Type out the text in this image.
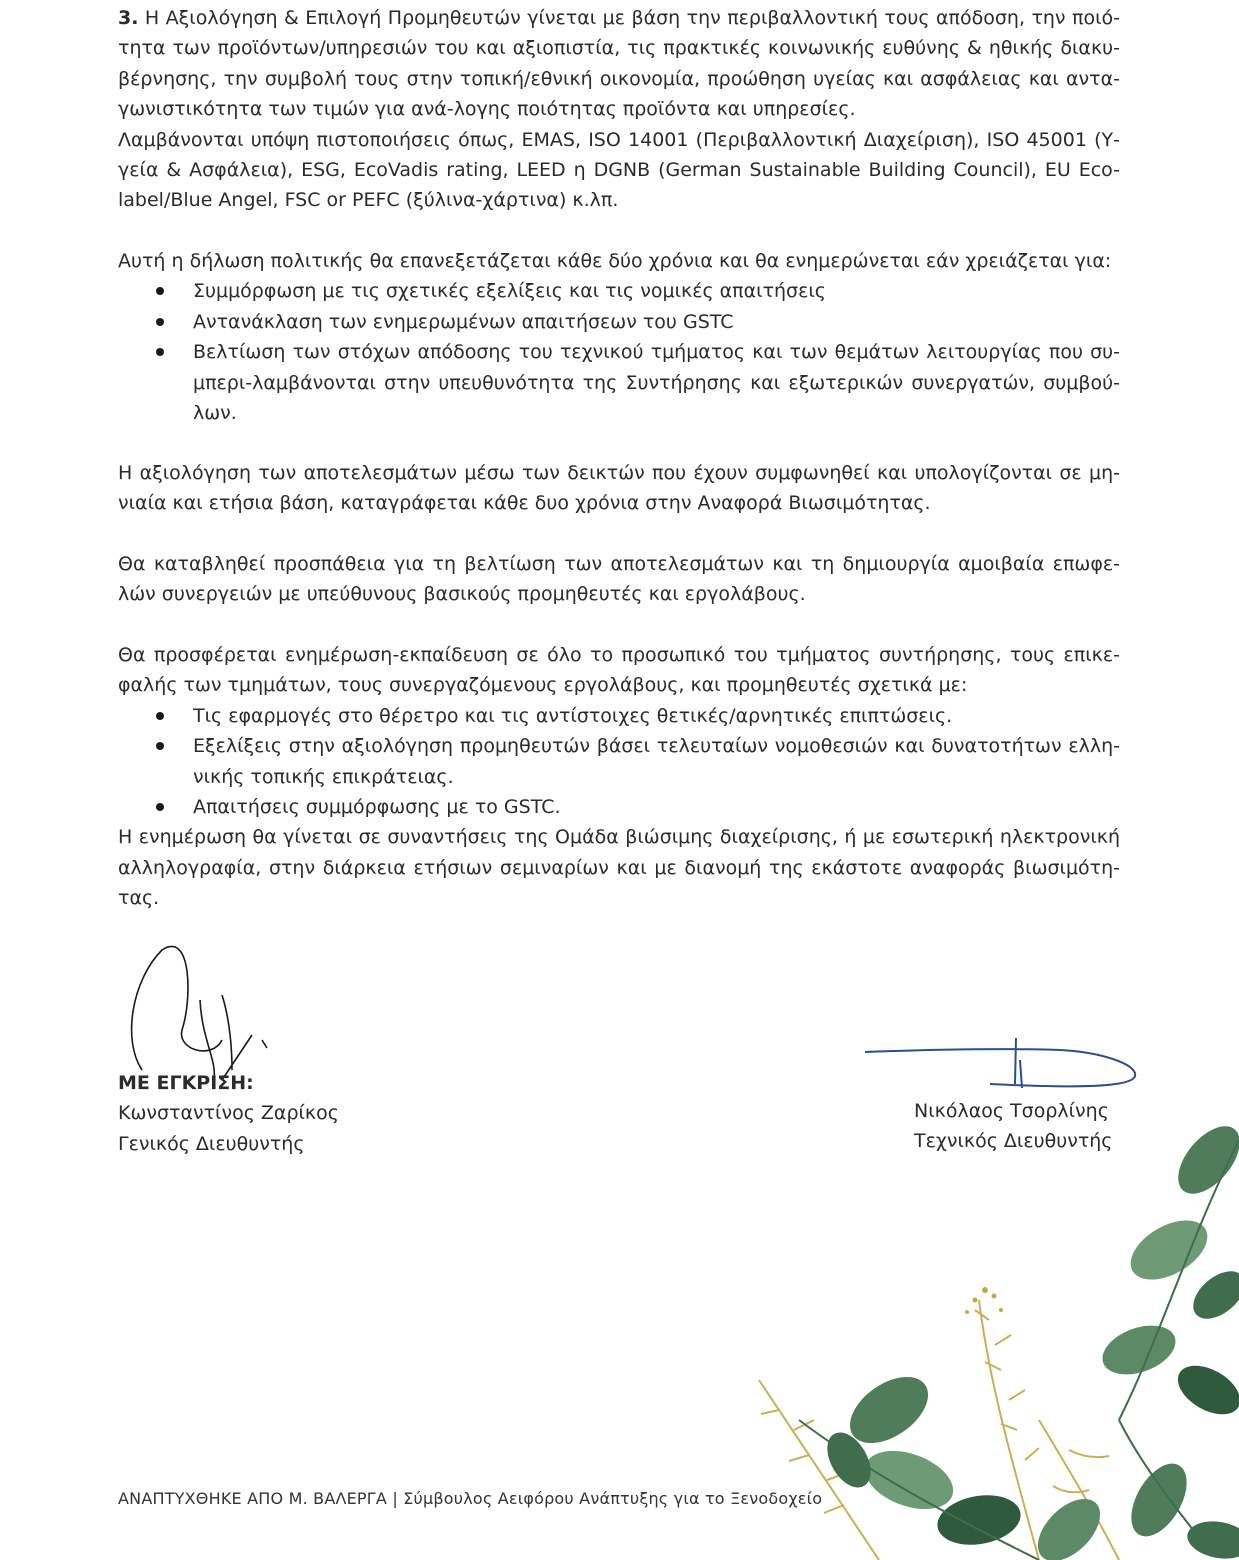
3. Η Αξιολόγηση & Επιλογή Προμηθευτών γίνεται με βάση την περιβαλλοντική τους απόδοση, την ποιό-τητα των προϊόντων/υπηρεσιών του και αξιοπιστία, τις πρακτικές κοινωνικής ευθύνης & ηθικής διακυ-βέρνησης, την συμβολή τους στην τοπική/εθνική οικονομία, προώθηση υγείας και ασφάλειας και αντα-γωνιστικότητα των τιμών για ανά-λογης ποιότητας προϊόντα και υπηρεσίες.

Λαμβάνονται υπόψη πιστοποιήσεις όπως, EMAS, ISO 14001 (Περιβαλλοντική Διαχείριση), ISO 45001 (Υ-γεία & Ασφάλεια), ESG, EcoVadis rating, LEED η DGNB (German Sustainable Building Council), EU Eco-label/Blue Angel, FSC or PEFC (ξύλινα-χάρτινα) κ.λπ.

Αυτή η δήλωση πολιτικής θα επανεξετάζεται κάθε δύο χρόνια και θα ενημερώνεται εάν χρειάζεται για:

Συμμόρφωση με τις σχετικές εξελίξεις και τις νομικές απαιτήσεις
Αντανάκλαση των ενημερωμένων απαιτήσεων του GSTC
Βελτίωση των στόχων απόδοσης του τεχνικού τμήματος και των θεμάτων λειτουργίας που συ-μπερι-λαμβάνονται στην υπευθυνότητα της Συντήρησης και εξωτερικών συνεργατών, συμβού-λων.

Η αξιολόγηση των αποτελεσμάτων μέσω των δεικτών που έχουν συμφωνηθεί και υπολογίζονται σε μη-νιαία και ετήσια βάση, καταγράφεται κάθε δυο χρόνια στην Αναφορά Βιωσιμότητας.

Θα καταβληθεί προσπάθεια για τη βελτίωση των αποτελεσμάτων και τη δημιουργία αμοιβαία επωφε-λών συνεργειών με υπεύθυνους βασικούς προμηθευτές και εργολάβους.

Θα προσφέρεται ενημέρωση-εκπαίδευση σε όλο το προσωπικό του τμήματος συντήρησης, τους επικε-φαλής των τμημάτων, τους συνεργαζόμενους εργολάβους, και προμηθευτές σχετικά με:

Τις εφαρμογές στο θέρετρο και τις αντίστοιχες θετικές/αρνητικές επιπτώσεις.
Εξελίξεις στην αξιολόγηση προμηθευτών βάσει τελευταίων νομοθεσιών και δυνατοτήτων ελλη-νικής τοπικής επικράτειας.
Απαιτήσεις συμμόρφωσης με το GSTC.

Η ενημέρωση θα γίνεται σε συναντήσεις της Ομάδα βιώσιμης διαχείρισης, ή με εσωτερική ηλεκτρονική αλληλογραφία, στην διάρκεια ετήσιων σεμιναρίων και με διανομή της εκάστοτε αναφοράς βιωσιμότη-τας.

ΜΕ ΕΓΚΡΙΣΗ:
Κωνσταντίνος Ζαρίκος
Γενικός Διευθυντής
Νικόλαος Τσορλίνης
Τεχνικός Διευθυντής
ΑΝΑΠΤΥΧΘΗΚΕ ΑΠΟ Μ. ΒΑΛΕΡΓΑ | Σύμβουλος Αειφόρου Ανάπτυξης για το Ξενοδοχείο
